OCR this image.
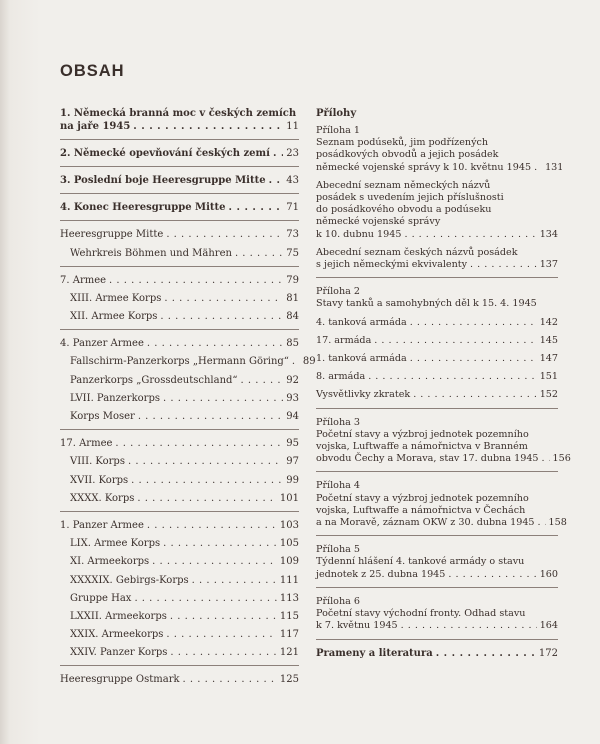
OBSAH
1. Německá branná moc v českých zemích
na jaře 1945 . . .	11
2. Německé opevňování českých zemí . . . 23
3. Poslední boje Heeresgruppe Mitte . . . 43
4. Konec Heeresgruppe Mitte . . .	71
Heeresgruppe Mitte . . .	73
Wehrkreis Böhmen und Mähren . . .	75
7. Armee . . .	79
XIII. Armee Korps . . .	81
XII. Armee Korps . . .	84
4. Panzer Armee . . .	85
Fallschirm-Panzerkorps „Hermann Göring“ . . . 89
Panzerkorps „Grossdeutschland“ . . .	92
LVII. Panzerkorps . . .	93
Korps Moser . . .	94
17. Armee . . .	95
VIII. Korps . . .	97
XVII. Korps . . .	99
XXXX. Korps . . .	101
1. Panzer Armee . . .	103
LIX. Armee Korps . . .	105
XI. Armeekorps . . .	109
XXXXIX. Gebirgs-Korps . . .	111
Gruppe Hax . . .	113
LXXII. Armeekorps . . .	115
XXIX. Armeekorps . . .	117
XXIV. Panzer Korps . . .	121
Heeresgruppe Ostmark . . .	125
Přílohy
Příloha 1
Seznam podúseků, jim podřízených
posádkových obvodů a jejich posádek
německé vojenské správy k 10. květnu 1945 . . . 131
Abecední seznam německých názvů
posádek s uvedením jejich příslušnosti
do posádkového obvodu a podúseku
německé vojenské správy
k 10. dubnu 1945 . . .	134
Abecední seznam českých názvů posádek
s jejich německými ekvivalenty . . .	137
Příloha 2
Stavy tanků a samohybných děl k 15. 4. 1945
4. tanková armáda . . .	142
17. armáda . . .	145
1. tanková armáda . . .	147
8. armáda . . .	151
Vysvětlivky zkratek . . .	152
Příloha 3
Početní stavy a výzbroj jednotek pozemního
vojska, Luftwaffe a námořnictva v Branném
obvodu Čechy a Morava, stav 17. dubna 1945 . . . 156
Příloha 4
Početní stavy a výzbroj jednotek pozemního
vojska, Luftwaffe a námořnictva v Čechách
a na Moravě, záznam OKW z 30. dubna 1945 . . . 158
Příloha 5
Týdenní hlášení 4. tankové armády o stavu
jednotek z 25. dubna 1945 . . .	160
Příloha 6
Početní stavy východní fronty. Odhad stavu
k 7. květnu 1945 . . .	164
Prameny a literatura . . .	172
